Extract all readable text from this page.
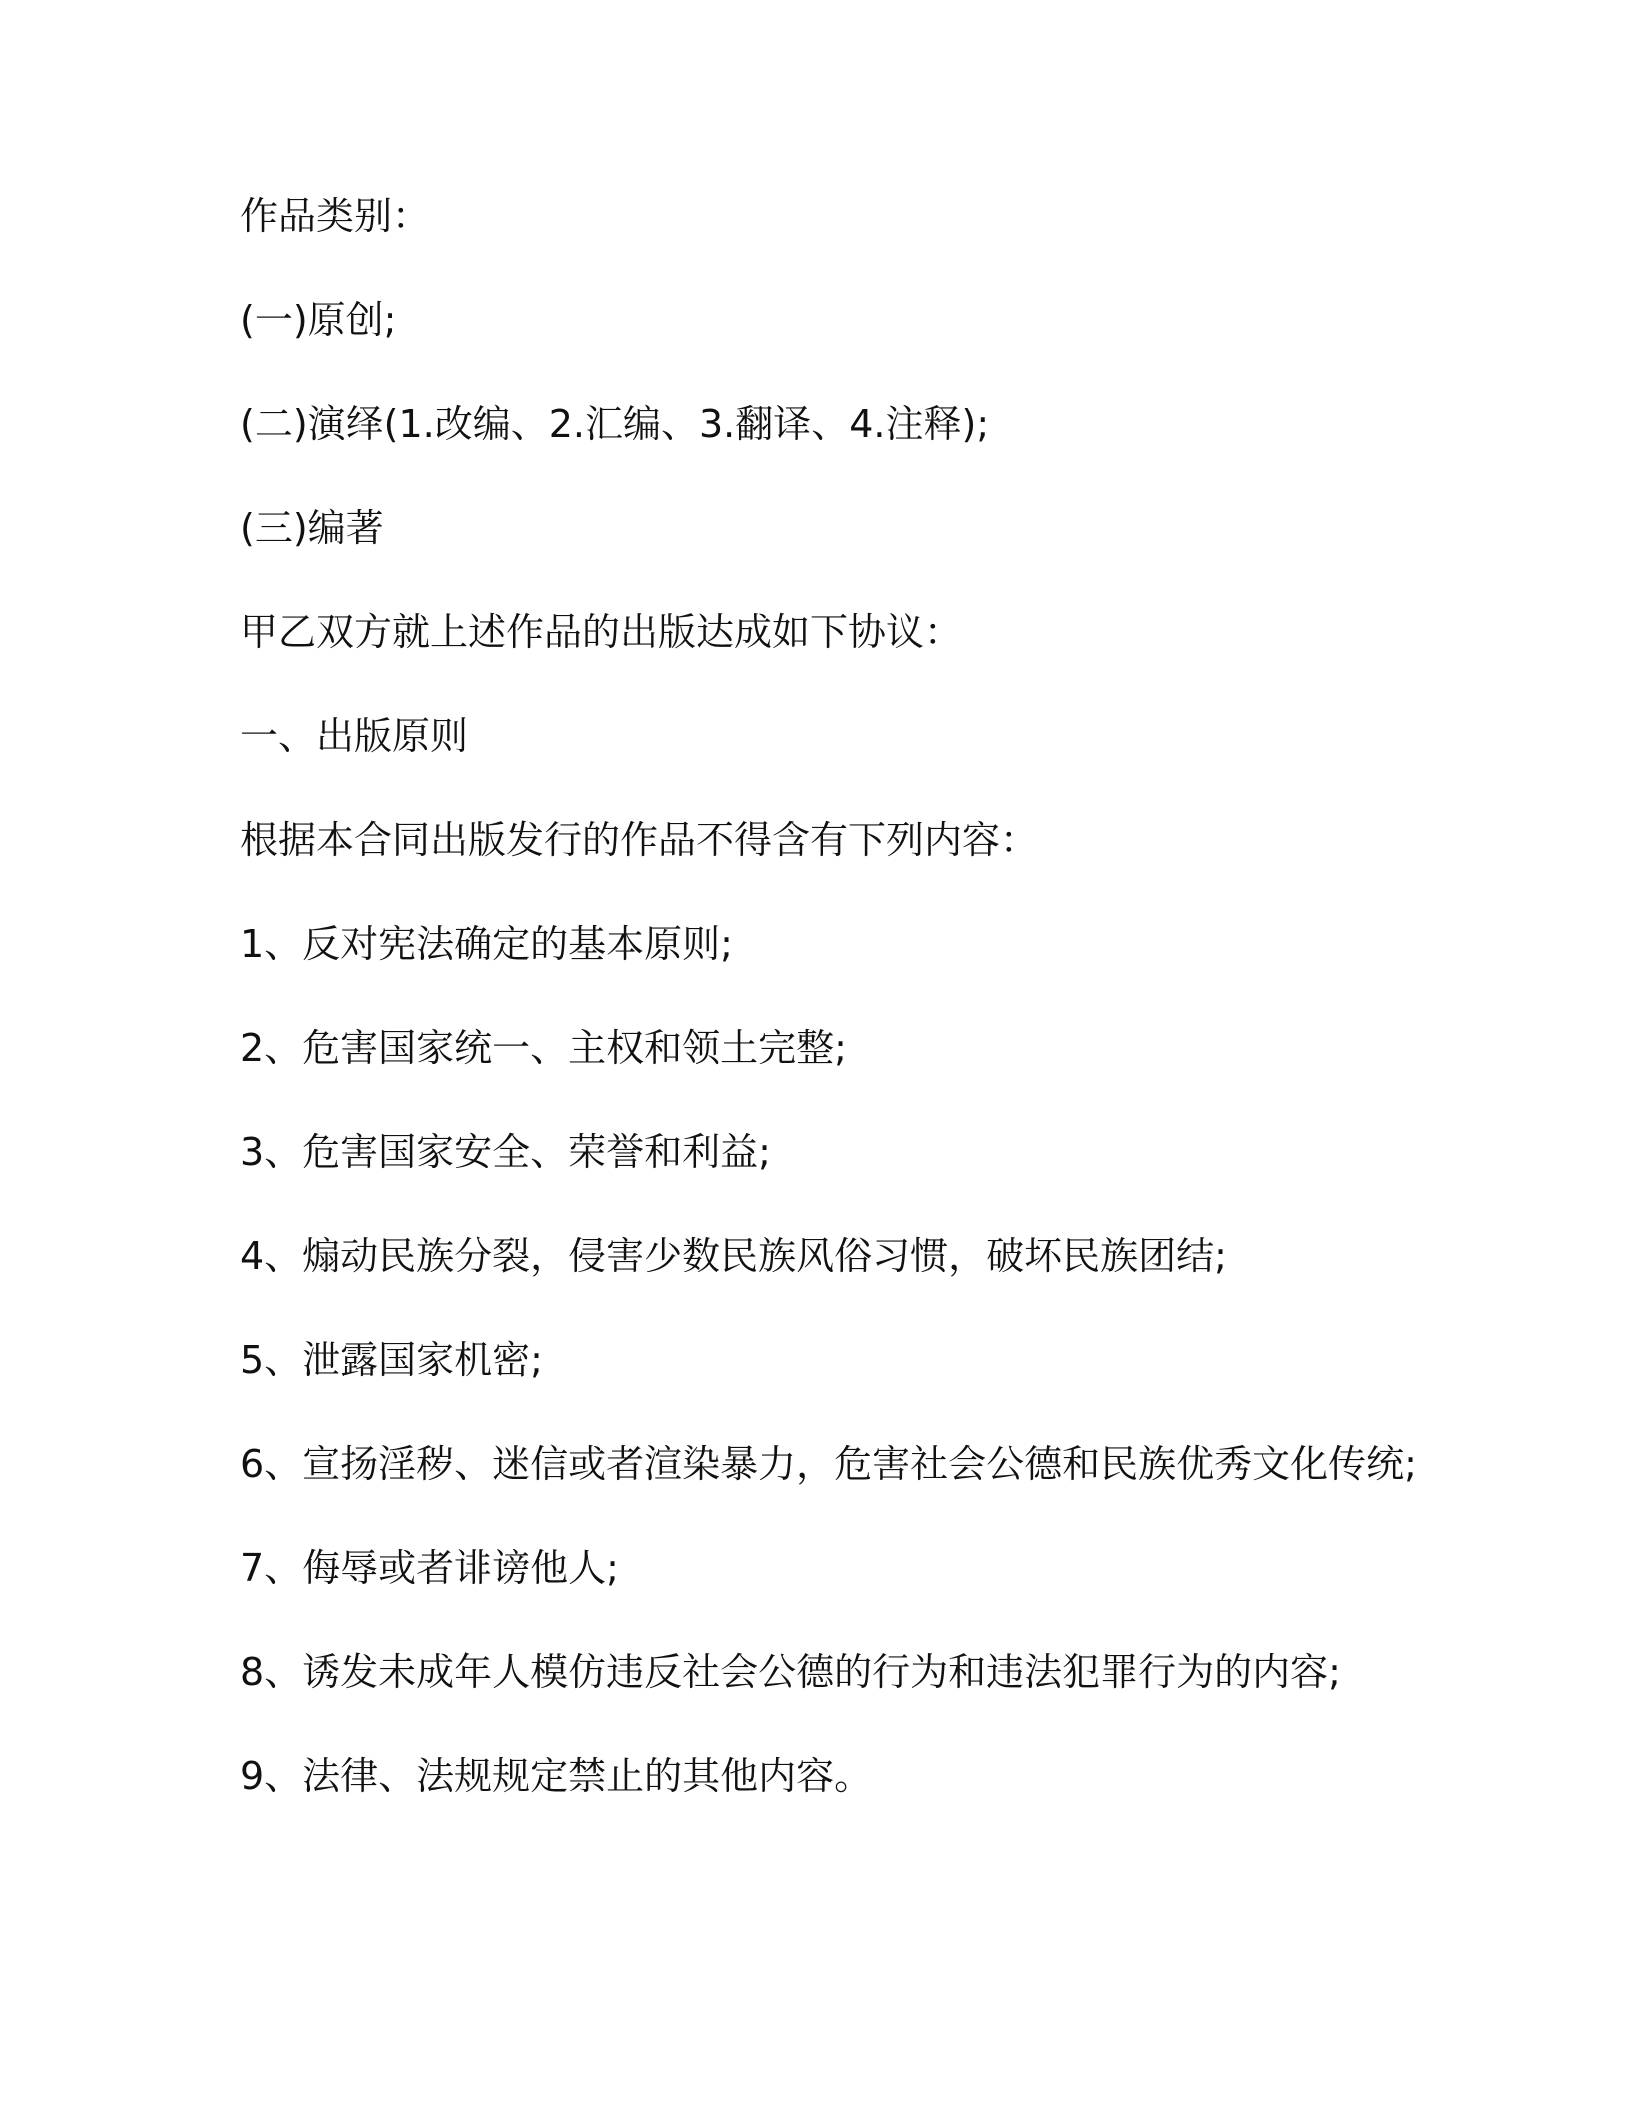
作品类别：

(一)原创;

(二)演绎(1.改编、2.汇编、3.翻译、4.注释);

(三)编著

甲乙双方就上述作品的出版达成如下协议：

一、出版原则

根据本合同出版发行的作品不得含有下列内容：

1、反对宪法确定的基本原则;

2、危害国家统一、主权和领土完整;

3、危害国家安全、荣誉和利益;

4、煽动民族分裂，侵害少数民族风俗习惯，破坏民族团结;

5、泄露国家机密;

6、宣扬淫秽、迷信或者渲染暴力，危害社会公德和民族优秀文化传统;

7、侮辱或者诽谤他人;

8、诱发未成年人模仿违反社会公德的行为和违法犯罪行为的内容;

9、法律、法规规定禁止的其他内容。
